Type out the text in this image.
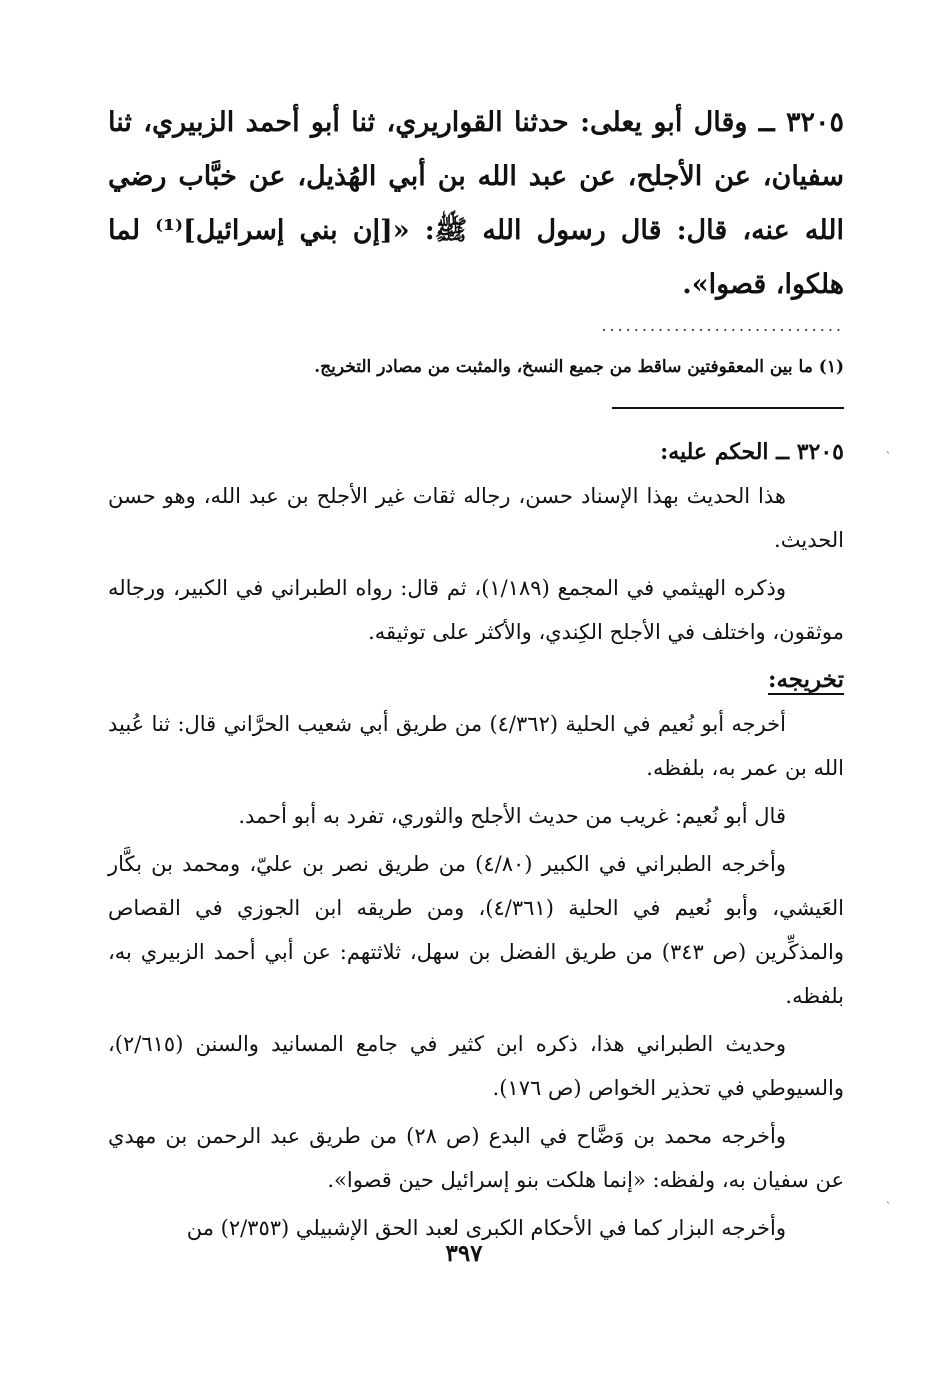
٣٢٠٥ ــ وقال أبو يعلى: حدثنا القواريري، ثنا أبو أحمد الزبيري، ثنا سفيان، عن الأجلح، عن عبد الله بن أبي الهُذيل، عن خبَّاب رضي الله عنه، قال: قال رسول الله ﷺ: «[إن بني إسرائيل]⁽¹⁾ لما هلكوا، قصوا».
..............................
(١) ما بين المعقوفتين ساقط من جميع النسخ، والمثبت من مصادر التخريج.
٣٢٠٥ ــ الحكم عليه:
هذا الحديث بهذا الإسناد حسن، رجاله ثقات غير الأجلح بن عبد الله، وهو حسن الحديث.
وذكره الهيثمي في المجمع (١/١٨٩)، ثم قال: رواه الطبراني في الكبير، ورجاله موثقون، واختلف في الأجلح الكِندي، والأكثر على توثيقه.
تخريجه:
أخرجه أبو نُعيم في الحلية (٤/٣٦٢) من طريق أبي شعيب الحرَّاني قال: ثنا عُبيد الله بن عمر به، بلفظه.
قال أبو نُعيم: غريب من حديث الأجلح والثوري، تفرد به أبو أحمد.
وأخرجه الطبراني في الكبير (٤/٨٠) من طريق نصر بن عليّ، ومحمد بن بكَّار العَيشي، وأبو نُعيم في الحلية (٤/٣٦١)، ومن طريقه ابن الجوزي في القصاص والمذكِّرين (ص ٣٤٣) من طريق الفضل بن سهل، ثلاثتهم: عن أبي أحمد الزبيري به، بلفظه.
وحديث الطبراني هذا، ذكره ابن كثير في جامع المسانيد والسنن (٢/٦١٥)، والسيوطي في تحذير الخواص (ص ١٧٦).
وأخرجه محمد بن وَضَّاح في البدع (ص ٢٨) من طريق عبد الرحمن بن مهدي عن سفيان به، ولفظه: «إنما هلكت بنو إسرائيل حين قصوا».
وأخرجه البزار كما في الأحكام الكبرى لعبد الحق الإشبيلي (٢/٣٥٣) من
٣٩٧
ˎ
ˎ
